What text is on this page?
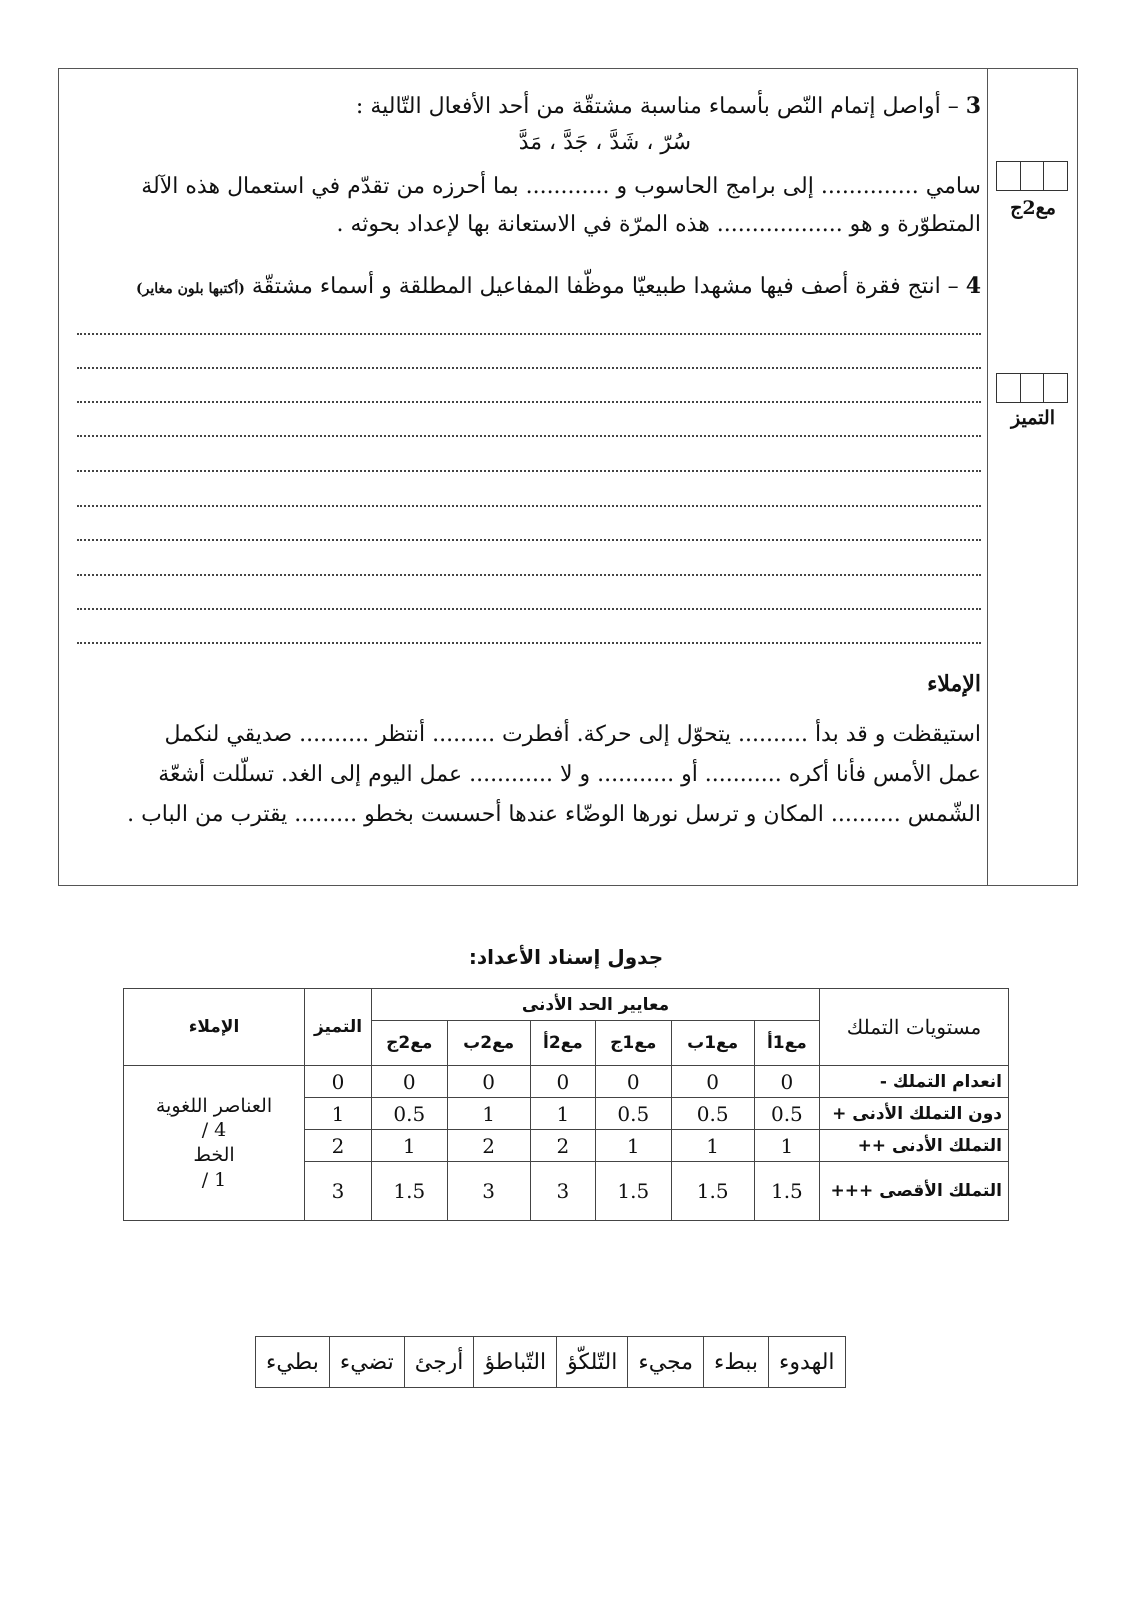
مع2ج
التميز
3 – أواصل إتمام النّص بأسماء مناسبة مشتقّة من أحد الأفعال التّالية :
سُرّ ، شَدَّ ، جَدَّ ، مَدَّ
سامي .............. إلى برامج الحاسوب و ............ بما أحرزه من تقدّم في استعمال هذه الآلة
المتطوّرة و هو .................. هذه المرّة في الاستعانة بها لإعداد بحوثه .
4 – انتج فقرة أصف فيها مشهدا طبيعيّا موظّفا المفاعيل المطلقة و أسماء مشتقّة (أكتبها بلون مغاير)
الإملاء
استيقظت و قد بدأ .......... يتحوّل إلى حركة. أفطرت ......... أنتظر .......... صديقي لنكمل
عمل الأمس فأنا أكره ........... أو ........... و لا ............ عمل اليوم إلى الغد. تسلّلت أشعّة
الشّمس .......... المكان و ترسل نورها الوضّاء عندها أحسست بخطو ......... يقترب من الباب .
جدول إسناد الأعداد:
مستويات التملك	معايير الحد الأدنى						التميز	الإملاء
	مع1أ	مع1ب	مع1ج	مع2أ	مع2ب	مع2ج		
انعدام التملك -	0	0	0	0	0	0	0	العناصر اللغوية
4 /
الخط
1 /

دون التملك الأدنى +	0.5	0.5	0.5	1	1	0.5	1	
التملك الأدنى ++	1	1	1	2	2	1	2	
التملك الأقصى +++	1.5	1.5	1.5	3	3	1.5	3	
الهدوء	ببطء	مجيء	التّلكّؤ	التّباطؤ	أرجئ	تضيء	بطيء
